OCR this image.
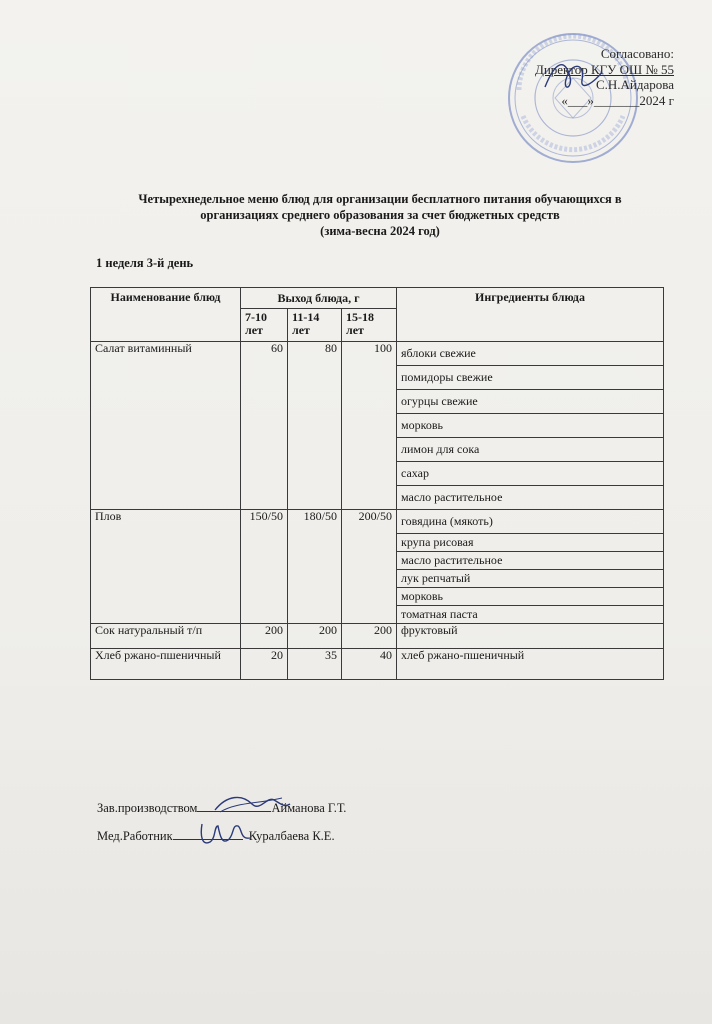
Согласовано:
Директор КГУ ОШ № 55
С.Н.Айдарова
«___»_______2024 г
Четырехнедельное меню блюд для организации бесплатного питания обучающихся в
организациях среднего образования за счет бюджетных средств
(зима-весна 2024 год)
1 неделя 3-й день
Наименование блюд	Выход блюда, г			Ингредиенты блюда
	7-10 лет	11-14 лет	15-18 лет	
Салат витаминный	60	80	100	яблоки свежие
				помидоры свежие
				огурцы свежие
				морковь
				лимон для сока
				сахар
				масло растительное
Плов	150/50	180/50	200/50	говядина (мякоть)
				крупа рисовая
				масло растительное
				лук репчатый
				морковь
				томатная паста
Сок натуральный т/п	200	200	200	фруктовый
Хлеб ржано-пшеничный	20	35	40	хлеб ржано-пшеничный
Зав.производством	Айманова Г.Т.
Мед.Работник	Куралбаева К.Е.
